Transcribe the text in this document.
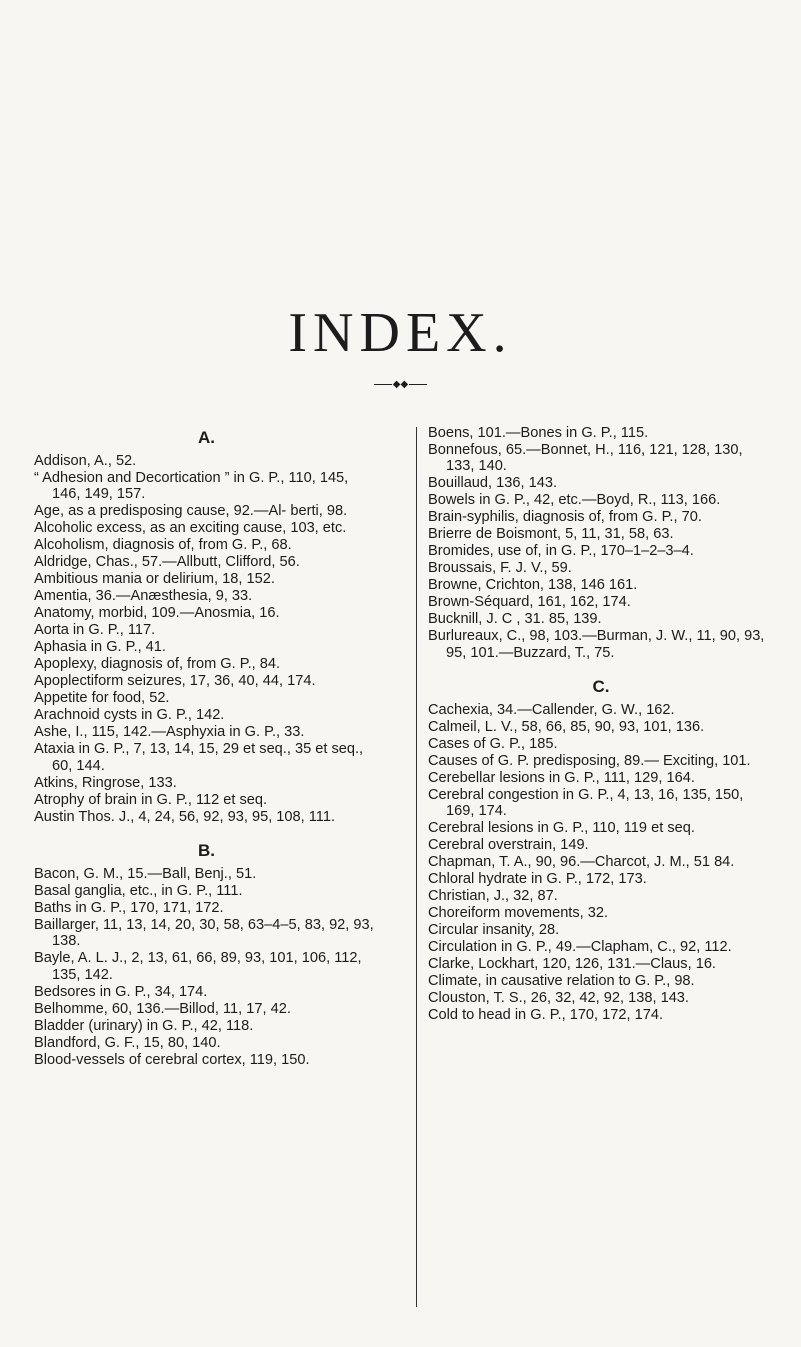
INDEX.
◆◆
A.
Addison, A., 52.
“ Adhesion and Decortication ” in G. P., 110, 145, 146, 149, 157.
Age, as a predisposing cause, 92.—Al- berti, 98.
Alcoholic excess, as an exciting cause, 103, etc.
Alcoholism, diagnosis of, from G. P., 68.
Aldridge, Chas., 57.—Allbutt, Clifford, 56.
Ambitious mania or delirium, 18, 152.
Amentia, 36.—Anæsthesia, 9, 33.
Anatomy, morbid, 109.—Anosmia, 16.
Aorta in G. P., 117.
Aphasia in G. P., 41.
Apoplexy, diagnosis of, from G. P., 84.
Apoplectiform seizures, 17, 36, 40, 44, 174.
Appetite for food, 52.
Arachnoid cysts in G. P., 142.
Ashe, I., 115, 142.—Asphyxia in G. P., 33.
Ataxia in G. P., 7, 13, 14, 15, 29 et seq., 35 et seq., 60, 144.
Atkins, Ringrose, 133.
Atrophy of brain in G. P., 112 et seq.
Austin Thos. J., 4, 24, 56, 92, 93, 95, 108, 111.
B.
Bacon, G. M., 15.—Ball, Benj., 51.
Basal ganglia, etc., in G. P., 111.
Baths in G. P., 170, 171, 172.
Baillarger, 11, 13, 14, 20, 30, 58, 63–4–5, 83, 92, 93, 138.
Bayle, A. L. J., 2, 13, 61, 66, 89, 93, 101, 106, 112, 135, 142.
Bedsores in G. P., 34, 174.
Belhomme, 60, 136.—Billod, 11, 17, 42.
Bladder (urinary) in G. P., 42, 118.
Blandford, G. F., 15, 80, 140.
Blood-vessels of cerebral cortex, 119, 150.
Boens, 101.—Bones in G. P., 115.
Bonnefous, 65.—Bonnet, H., 116, 121, 128, 130, 133, 140.
Bouillaud, 136, 143.
Bowels in G. P., 42, etc.—Boyd, R., 113, 166.
Brain-syphilis, diagnosis of, from G. P., 70.
Brierre de Boismont, 5, 11, 31, 58, 63.
Bromides, use of, in G. P., 170–1–2–3–4.
Broussais, F. J. V., 59.
Browne, Crichton, 138, 146 161.
Brown-Séquard, 161, 162, 174.
Bucknill, J. C , 31. 85, 139.
Burlureaux, C., 98, 103.—Burman, J. W., 11, 90, 93, 95, 101.—Buzzard, T., 75.
C.
Cachexia, 34.—Callender, G. W., 162.
Calmeil, L. V., 58, 66, 85, 90, 93, 101, 136.
Cases of G. P., 185.
Causes of G. P. predisposing, 89.— Exciting, 101.
Cerebellar lesions in G. P., 111, 129, 164.
Cerebral congestion in G. P., 4, 13, 16, 135, 150, 169, 174.
Cerebral lesions in G. P., 110, 119 et seq.
Cerebral overstrain, 149.
Chapman, T. A., 90, 96.—Charcot, J. M., 51 84.
Chloral hydrate in G. P., 172, 173.
Christian, J., 32, 87.
Choreiform movements, 32.
Circular insanity, 28.
Circulation in G. P., 49.—Clapham, C., 92, 112.
Clarke, Lockhart, 120, 126, 131.—Claus, 16.
Climate, in causative relation to G. P., 98.
Clouston, T. S., 26, 32, 42, 92, 138, 143.
Cold to head in G. P., 170, 172, 174.
